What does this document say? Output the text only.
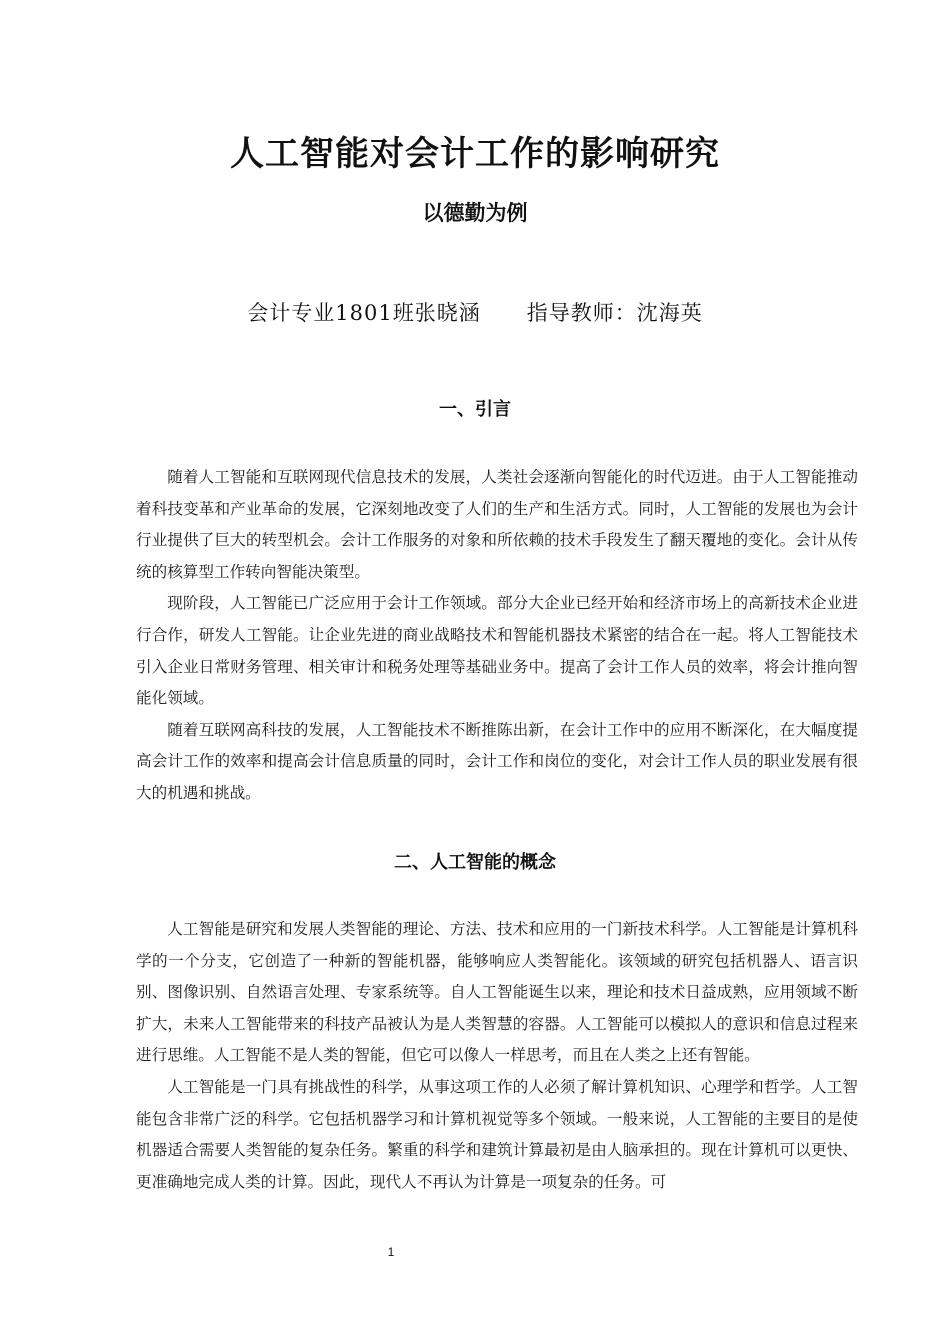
人工智能对会计工作的影响研究
以德勤为例
会计专业1801班张晓涵 指导教师：沈海英
一、引言

随着人工智能和互联网现代信息技术的发展，人类社会逐渐向智能化的时代迈进。由于人工智能推动着科技变革和产业革命的发展，它深刻地改变了人们的生产和生活方式。同时，人工智能的发展也为会计行业提供了巨大的转型机会。会计工作服务的对象和所依赖的技术手段发生了翻天覆地的变化。会计从传统的核算型工作转向智能决策型。

现阶段，人工智能已广泛应用于会计工作领域。部分大企业已经开始和经济市场上的高新技术企业进行合作，研发人工智能。让企业先进的商业战略技术和智能机器技术紧密的结合在一起。将人工智能技术引入企业日常财务管理、相关审计和税务处理等基础业务中。提高了会计工作人员的效率，将会计推向智能化领域。

随着互联网高科技的发展，人工智能技术不断推陈出新，在会计工作中的应用不断深化，在大幅度提高会计工作的效率和提高会计信息质量的同时，会计工作和岗位的变化，对会计工作人员的职业发展有很大的机遇和挑战。

二、人工智能的概念

人工智能是研究和发展人类智能的理论、方法、技术和应用的一门新技术科学。人工智能是计算机科学的一个分支，它创造了一种新的智能机器，能够响应人类智能化。该领域的研究包括机器人、语言识别、图像识别、自然语言处理、专家系统等。自人工智能诞生以来，理论和技术日益成熟，应用领域不断扩大，未来人工智能带来的科技产品被认为是人类智慧的容器。人工智能可以模拟人的意识和信息过程来进行思维。人工智能不是人类的智能，但它可以像人一样思考，而且在人类之上还有智能。

人工智能是一门具有挑战性的科学，从事这项工作的人必须了解计算机知识、心理学和哲学。人工智能包含非常广泛的科学。它包括机器学习和计算机视觉等多个领域。一般来说，人工智能的主要目的是使机器适合需要人类智能的复杂任务。繁重的科学和建筑计算最初是由人脑承担的。现在计算机可以更快、更准确地完成人类的计算。因此，现代人不再认为计算是一项复杂的任务。可

1
